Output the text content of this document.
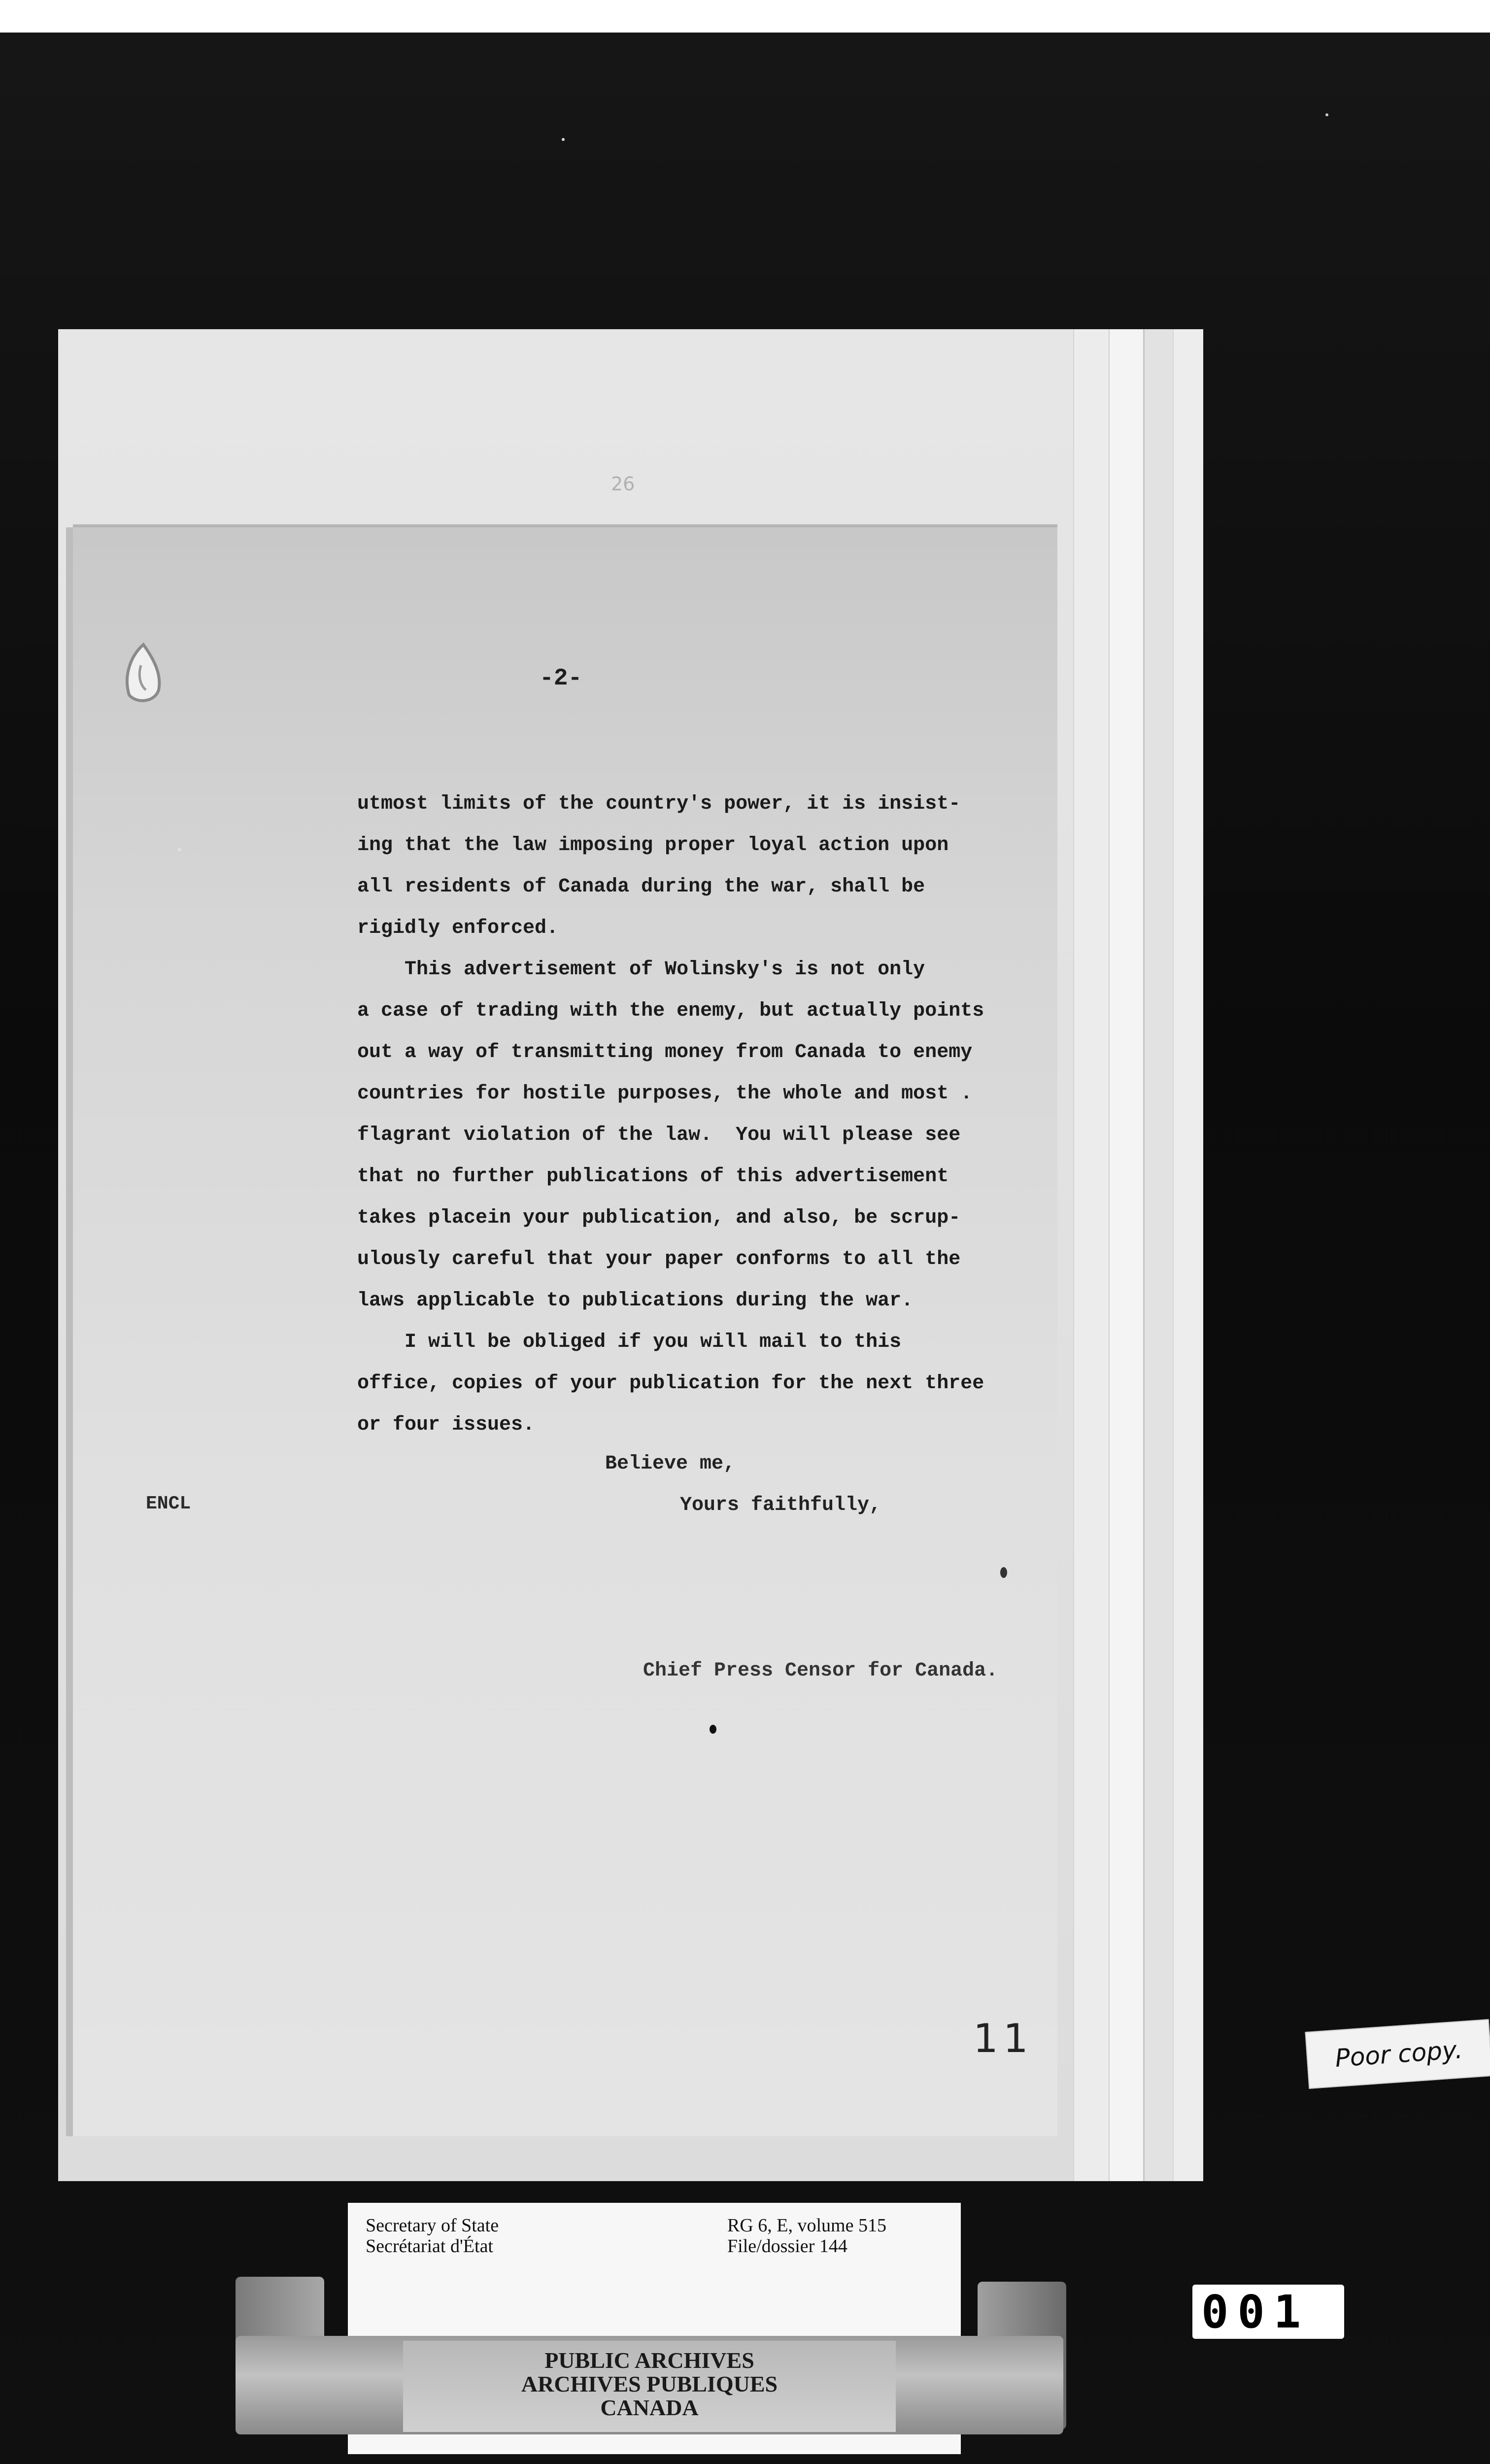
26
-2-
utmost limits of the country's power, it is insist-
ing that the law imposing proper loyal action upon
all residents of Canada during the war, shall be
rigidly enforced.
This advertisement of Wolinsky's is not only
a case of trading with the enemy, but actually points
out a way of transmitting money from Canada to enemy
countries for hostile purposes, the whole and most .
flagrant violation of the law.  You will please see
that no further publications of this advertisement
takes placein your publication, and also, be scrup-
ulously careful that your paper conforms to all the
laws applicable to publications during the war.
I will be obliged if you will mail to this
office, copies of your publication for the next three
or four issues.
Believe me,
Yours faithfully,
ENCL
Chief Press Censor for Canada.
11	Poor copy.
Secretary of State
Secrétariat d'État
RG 6, E, volume 515
File/dossier 144
PUBLIC ARCHIVES
ARCHIVES PUBLIQUES
CANADA
001
